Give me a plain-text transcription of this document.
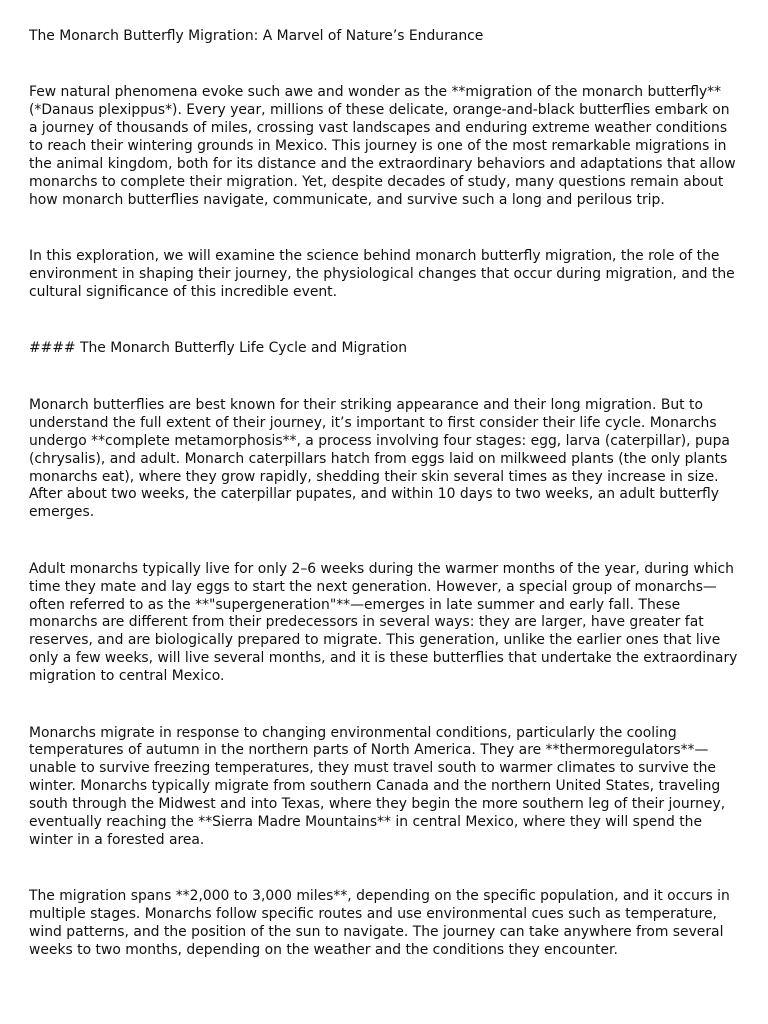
The Monarch Butterfly Migration: A Marvel of Nature’s Endurance

Few natural phenomena evoke such awe and wonder as the **migration of the monarch butterfly** (*Danaus plexippus*). Every year, millions of these delicate, orange-and-black butterflies embark on a journey of thousands of miles, crossing vast landscapes and enduring extreme weather conditions to reach their wintering grounds in Mexico. This journey is one of the most remarkable migrations in the animal kingdom, both for its distance and the extraordinary behaviors and adaptations that allow monarchs to complete their migration. Yet, despite decades of study, many questions remain about how monarch butterflies navigate, communicate, and survive such a long and perilous trip.

In this exploration, we will examine the science behind monarch butterfly migration, the role of the environment in shaping their journey, the physiological changes that occur during migration, and the cultural significance of this incredible event.

#### The Monarch Butterfly Life Cycle and Migration

Monarch butterflies are best known for their striking appearance and their long migration. But to understand the full extent of their journey, it’s important to first consider their life cycle. Monarchs undergo **complete metamorphosis**, a process involving four stages: egg, larva (caterpillar), pupa (chrysalis), and adult. Monarch caterpillars hatch from eggs laid on milkweed plants (the only plants monarchs eat), where they grow rapidly, shedding their skin several times as they increase in size. After about two weeks, the caterpillar pupates, and within 10 days to two weeks, an adult butterfly emerges.

Adult monarchs typically live for only 2–6 weeks during the warmer months of the year, during which time they mate and lay eggs to start the next generation. However, a special group of monarchs—often referred to as the **"supergeneration"**—emerges in late summer and early fall. These monarchs are different from their predecessors in several ways: they are larger, have greater fat reserves, and are biologically prepared to migrate. This generation, unlike the earlier ones that live only a few weeks, will live several months, and it is these butterflies that undertake the extraordinary migration to central Mexico.

Monarchs migrate in response to changing environmental conditions, particularly the cooling temperatures of autumn in the northern parts of North America. They are **thermoregulators**—unable to survive freezing temperatures, they must travel south to warmer climates to survive the winter. Monarchs typically migrate from southern Canada and the northern United States, traveling south through the Midwest and into Texas, where they begin the more southern leg of their journey, eventually reaching the **Sierra Madre Mountains** in central Mexico, where they will spend the winter in a forested area.

The migration spans **2,000 to 3,000 miles**, depending on the specific population, and it occurs in multiple stages. Monarchs follow specific routes and use environmental cues such as temperature, wind patterns, and the position of the sun to navigate. The journey can take anywhere from several weeks to two months, depending on the weather and the conditions they encounter.
